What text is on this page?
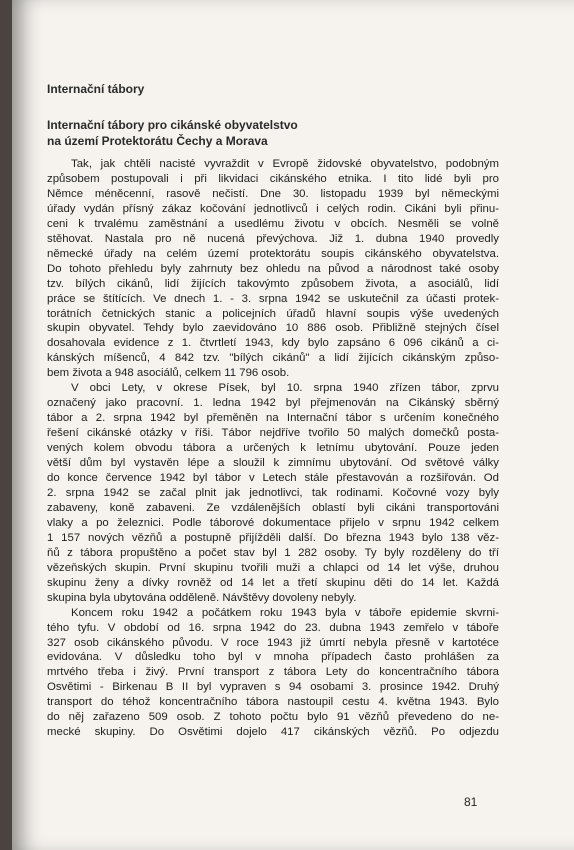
Internační tábory
Internační tábory pro cikánské obyvatelstvo
na území Protektorátu Čechy a Morava
Tak, jak chtěli nacisté vyvraždit v Evropě židovské obyvatelstvo, podobným
způsobem postupovali i při likvidaci cikánského etnika. I tito lidé byli pro
Němce méněcenní, rasově nečistí. Dne 30. listopadu 1939 byl německými
úřady vydán přísný zákaz kočování jednotlivců i celých rodin. Cikáni byli přinu-
ceni k trvalému zaměstnání a usedlému životu v obcích. Nesměli se volně
stěhovat. Nastala pro ně nucená převýchova. Již 1. dubna 1940 provedly
německé úřady na celém území protektorátu soupis cikánského obyvatelstva.
Do tohoto přehledu byly zahrnuty bez ohledu na původ a národnost také osoby
tzv. bílých cikánů, lidí žijících takovýmto způsobem života, a asociálů, lidí
práce se štítících. Ve dnech 1. - 3. srpna 1942 se uskutečnil za účasti protek-
torátních četnických stanic a policejních úřadů hlavní soupis výše uvedených
skupin obyvatel. Tehdy bylo zaevidováno 10 886 osob. Přibližně stejných čísel
dosahovala evidence z 1. čtvrtletí 1943, kdy bylo zapsáno 6 096 cikánů a ci-
kánských míšenců, 4 842 tzv. "bílých cikánů" a lidí žijících cikánským způso-
bem života a 948 asociálů, celkem 11 796 osob.
V obci Lety, v okrese Písek, byl 10. srpna 1940 zřízen tábor, zprvu
označený jako pracovní. 1. ledna 1942 byl přejmenován na Cikánský sběrný
tábor a 2. srpna 1942 byl přeměněn na Internační tábor s určením konečného
řešení cikánské otázky v říši. Tábor nejdříve tvořilo 50 malých domečků posta-
vených kolem obvodu tábora a určených k letnímu ubytování. Pouze jeden
větší dům byl vystavěn lépe a sloužil k zimnímu ubytování. Od světové války
do konce července 1942 byl tábor v Letech stále přestavován a rozšiřován. Od
2. srpna 1942 se začal plnit jak jednotlivci, tak rodinami. Kočovné vozy byly
zabaveny, koně zabaveni. Ze vzdálenějších oblastí byli cikáni transportováni
vlaky a po železnici. Podle táborové dokumentace přijelo v srpnu 1942 celkem
1 157 nových vězňů a postupně přijížděli další. Do března 1943 bylo 138 věz-
ňů z tábora propuštěno a počet stav byl 1 282 osoby. Ty byly rozděleny do tří
vězeňských skupin. První skupinu tvořili muži a chlapci od 14 let výše, druhou
skupinu ženy a dívky rovněž od 14 let a třetí skupinu děti do 14 let. Každá
skupina byla ubytována odděleně. Návštěvy dovoleny nebyly.
Koncem roku 1942 a počátkem roku 1943 byla v táboře epidemie skvrni-
tého tyfu. V období od 16. srpna 1942 do 23. dubna 1943 zemřelo v táboře
327 osob cikánského původu. V roce 1943 již úmrtí nebyla přesně v kartotéce
evidována. V důsledku toho byl v mnoha případech často prohlášen za
mrtvého třeba i živý. První transport z tábora Lety do koncentračního tábora
Osvětimi - Birkenau B II byl vypraven s 94 osobami 3. prosince 1942. Druhý
transport do téhož koncentračního tábora nastoupil cestu 4. května 1943. Bylo
do něj zařazeno 509 osob. Z tohoto počtu bylo 91 vězňů převedeno do ne-
mecké skupiny. Do Osvětimi dojelo 417 cikánských vězňů. Po odjezdu
81
